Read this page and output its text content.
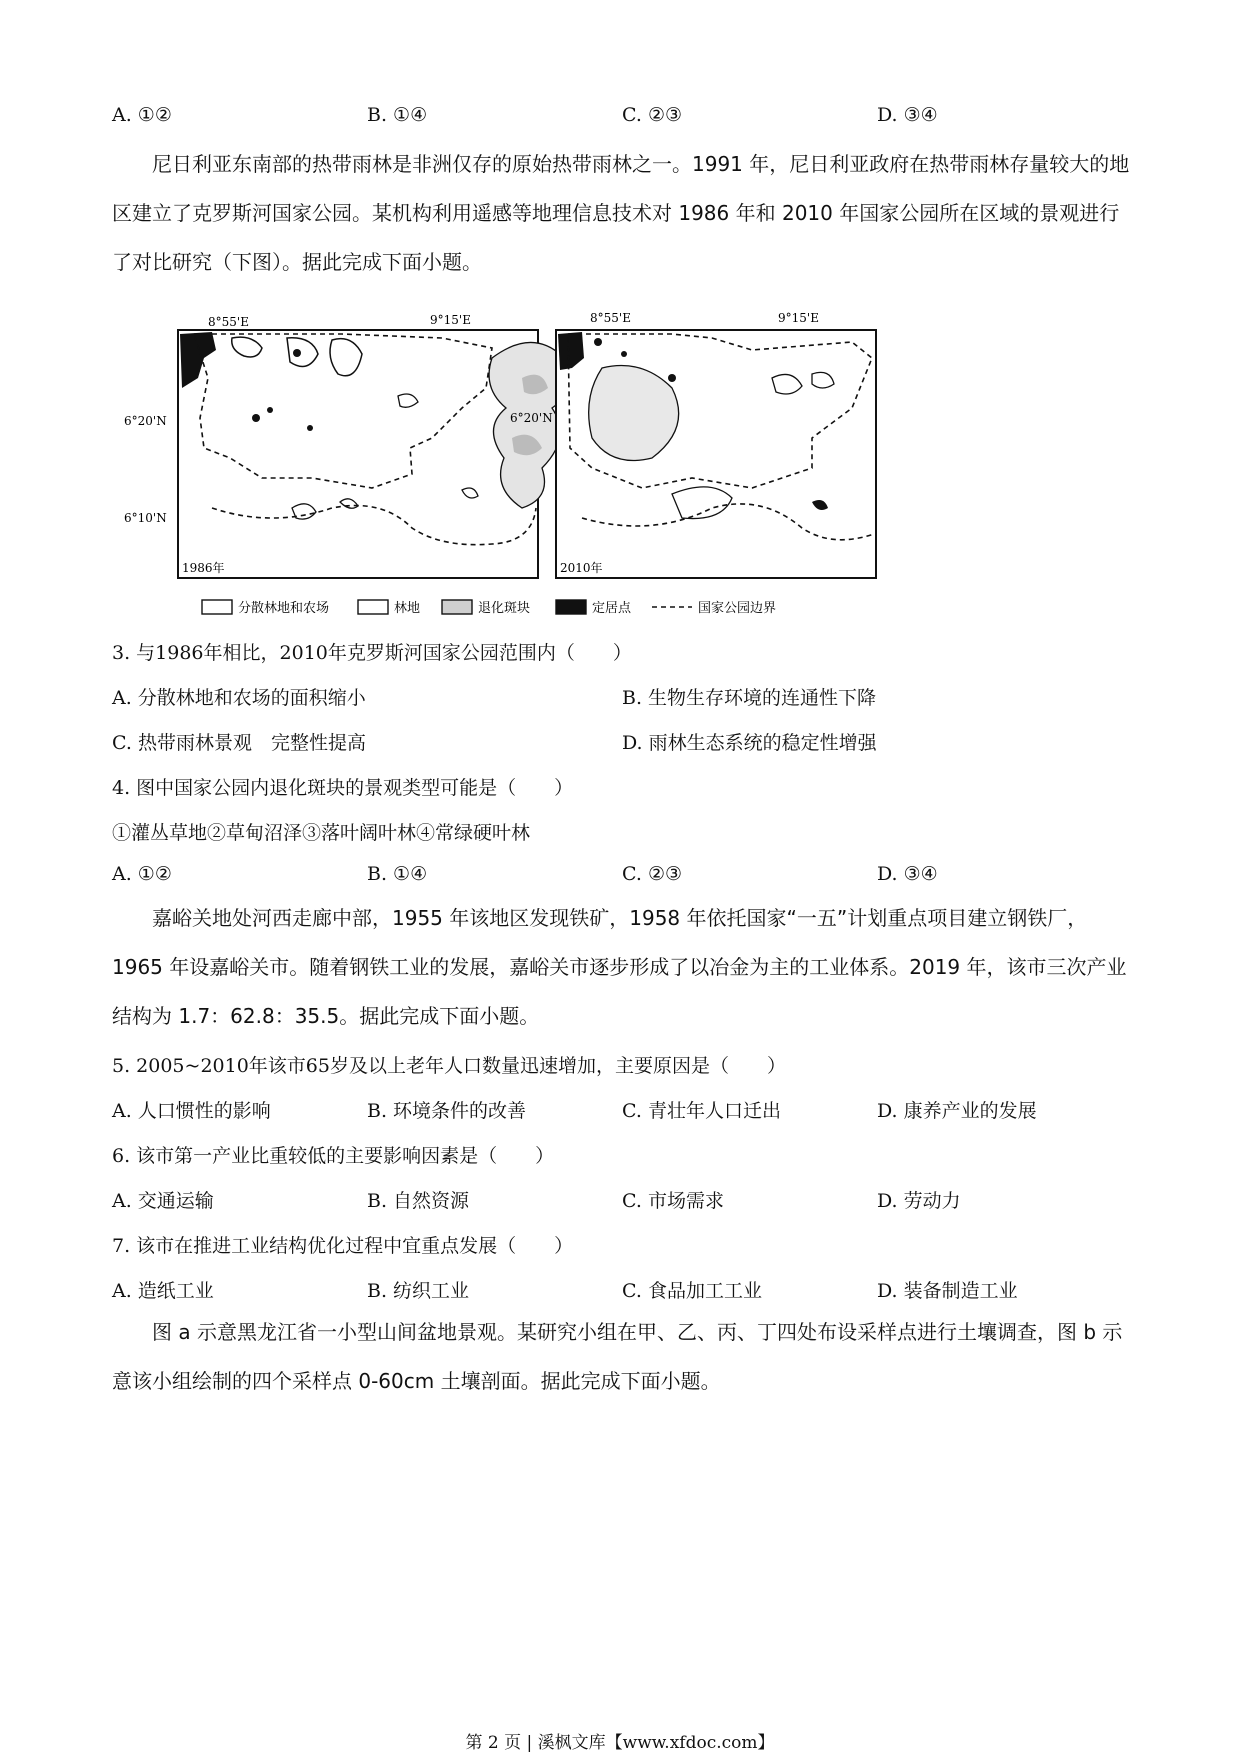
A. ①②	B. ①④	C. ②③	D. ③④

尼日利亚东南部的热带雨林是非洲仅存的原始热带雨林之一。1991 年，尼日利亚政府在热带雨林存量较大的地区建立了克罗斯河国家公园。某机构利用遥感等地理信息技术对 1986 年和 2010 年国家公园所在区域的景观进行了对比研究（下图）。据此完成下面小题。

8°55'E	9°15'E
6°20'N
6°10'N
1986年
8°55'E	9°15'E
6°20'N
2010年
分散林地和农场	林地	退化斑块	定居点	国家公园边界
3. 与1986年相比，2010年克罗斯河国家公园范围内（　　）
A. 分散林地和农场的面积缩小	B. 生物生存环境的连通性下降
C. 热带雨林景观　完整性提高	D. 雨林生态系统的稳定性增强
4. 图中国家公园内退化斑块的景观类型可能是（　　）
①灌丛草地②草甸沼泽③落叶阔叶林④常绿硬叶林
A. ①②	B. ①④	C. ②③	D. ③④

嘉峪关地处河西走廊中部，1955 年该地区发现铁矿，1958 年依托国家“一五”计划重点项目建立钢铁厂，1965 年设嘉峪关市。随着钢铁工业的发展，嘉峪关市逐步形成了以冶金为主的工业体系。2019 年，该市三次产业结构为 1.7：62.8：35.5。据此完成下面小题。

5. 2005~2010年该市65岁及以上老年人口数量迅速增加，主要原因是（　　）
A. 人口惯性的影响	B. 环境条件的改善	C. 青壮年人口迁出	D. 康养产业的发展
6. 该市第一产业比重较低的主要影响因素是（　　）
A. 交通运输	B. 自然资源	C. 市场需求	D. 劳动力
7. 该市在推进工业结构优化过程中宜重点发展（　　）
A. 造纸工业	B. 纺织工业	C. 食品加工工业	D. 装备制造工业

图 a 示意黑龙江省一小型山间盆地景观。某研究小组在甲、乙、丙、丁四处布设采样点进行土壤调查，图 b 示意该小组绘制的四个采样点 0-60cm 土壤剖面。据此完成下面小题。

第 2 页 | 溪枫文库【www.xfdoc.com】
